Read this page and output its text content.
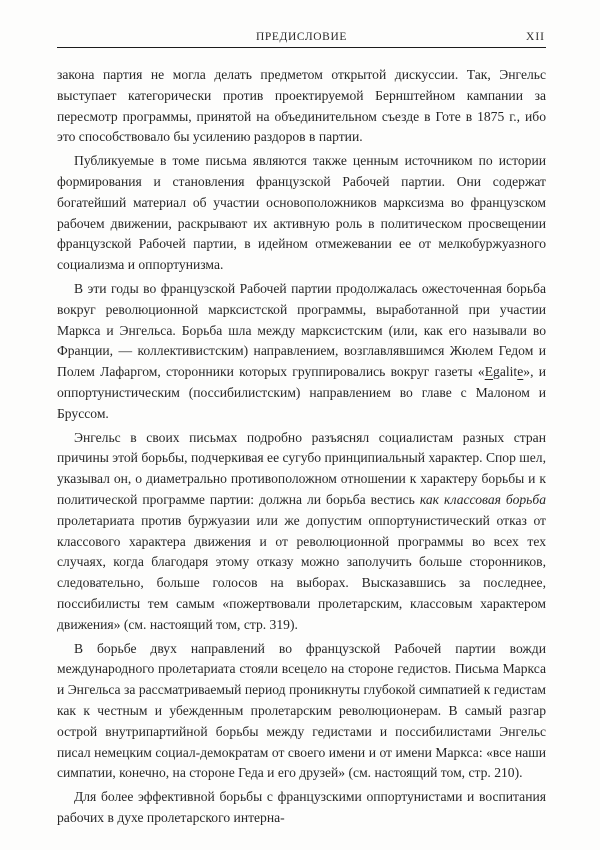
ПРЕДИСЛОВИЕ	XII

закона партия не могла делать предметом открытой дискуссии. Так, Энгельс выступает категорически против проектируемой Бернштейном кампании за пересмотр программы, принятой на объединительном съезде в Готе в 1875 г., ибо это способствовало бы усилению раздоров в партии.

Публикуемые в томе письма являются также ценным источником по истории формирования и становления французской Рабочей партии. Они содержат богатейший материал об участии основоположников марксизма во французском рабочем движении, раскрывают их активную роль в политическом просвещении французской Рабочей партии, в идейном отмежевании ее от мелкобуржуазного социализма и оппортунизма.

В эти годы во французской Рабочей партии продолжалась ожесточенная борьба вокруг революционной марксистской программы, выработанной при участии Маркса и Энгельса. Борьба шла между марксистским (или, как его называли во Франции, — коллективистским) направлением, возглавлявшимся Жюлем Гедом и Полем Лафаргом, сторонники которых группировались вокруг газеты «Egalite», и оппортунистическим (поссибилистским) направлением во главе с Малоном и Бруссом.

Энгельс в своих письмах подробно разъяснял социалистам разных стран причины этой борьбы, подчеркивая ее сугубо принципиальный характер. Спор шел, указывал он, о диаметрально противоположном отношении к характеру борьбы и к политической программе партии: должна ли борьба вестись как классовая борьба пролетариата против буржуазии или же допустим оппортунистический отказ от классового характера движения и от революционной программы во всех тех случаях, когда благодаря этому отказу можно заполучить больше сторонников, следовательно, больше голосов на выборах. Высказавшись за последнее, поссибилисты тем самым «пожертвовали пролетарским, классовым характером движения» (см. настоящий том, стр. 319).

В борьбе двух направлений во французской Рабочей партии вожди международного пролетариата стояли всецело на стороне гедистов. Письма Маркса и Энгельса за рассматриваемый период проникнуты глубокой симпатией к гедистам как к честным и убежденным пролетарским революционерам. В самый разгар острой внутрипартийной борьбы между гедистами и поссибилистами Энгельс писал немецким социал-демократам от своего имени и от имени Маркса: «все наши симпатии, конечно, на стороне Геда и его друзей» (см. настоящий том, стр. 210).

Для более эффективной борьбы с французскими оппортунистами и воспитания рабочих в духе пролетарского интерна-
